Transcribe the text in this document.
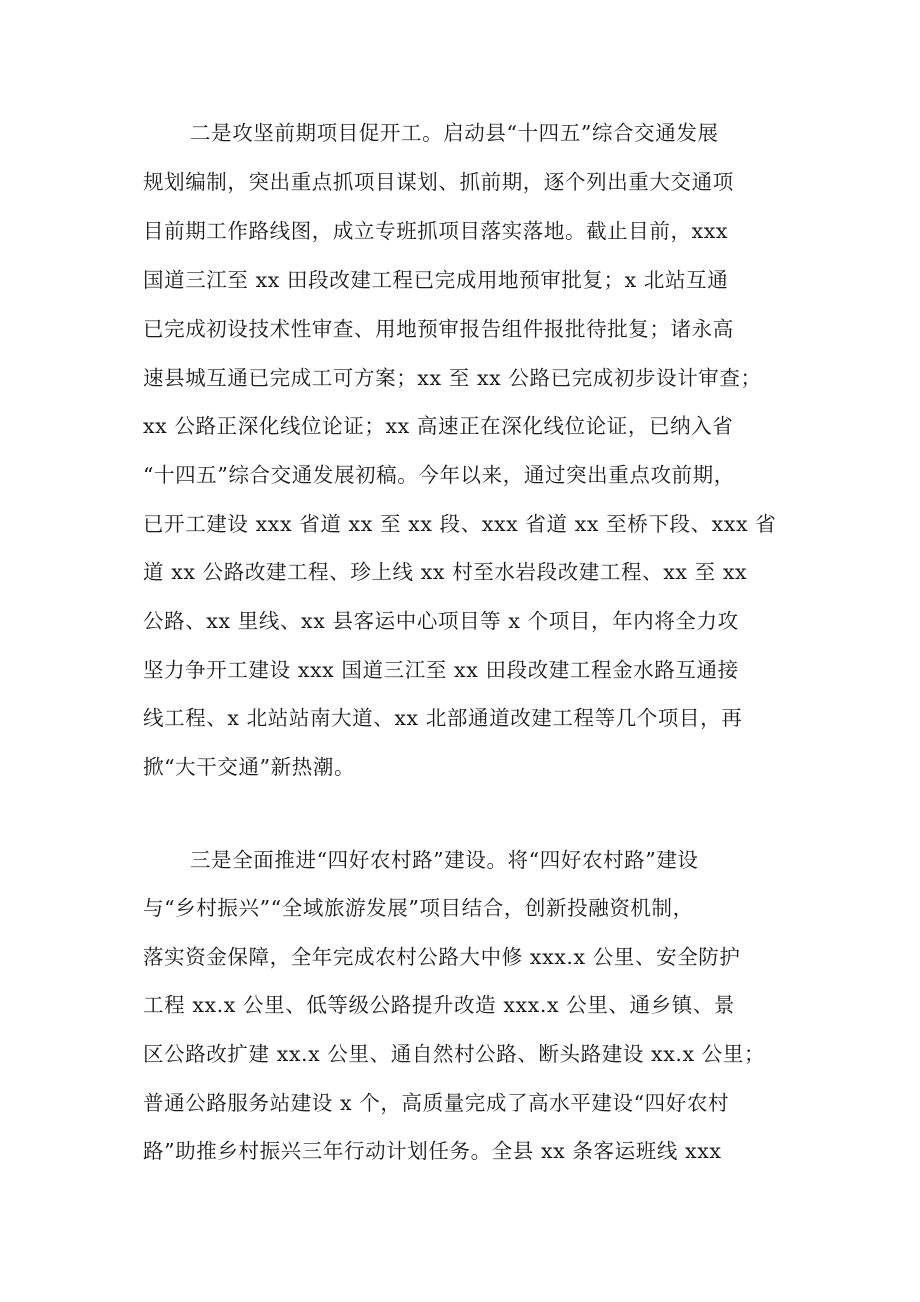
二是攻坚前期项目促开工。启动县“十四五”综合交通发展
规划编制，突出重点抓项目谋划、抓前期，逐个列出重大交通项
目前期工作路线图，成立专班抓项目落实落地。截止目前，xxx
国道三江至 xx 田段改建工程已完成用地预审批复；x 北站互通
已完成初设技术性审查、用地预审报告组件报批待批复；诸永高
速县城互通已完成工可方案；xx 至 xx 公路已完成初步设计审查；
xx 公路正深化线位论证；xx 高速正在深化线位论证，已纳入省
“十四五”综合交通发展初稿。今年以来，通过突出重点攻前期，
已开工建设 xxx 省道 xx 至 xx 段、xxx 省道 xx 至桥下段、xxx 省
道 xx 公路改建工程、珍上线 xx 村至水岩段改建工程、xx 至 xx
公路、xx 里线、xx 县客运中心项目等 x 个项目，年内将全力攻
坚力争开工建设 xxx 国道三江至 xx 田段改建工程金水路互通接
线工程、x 北站站南大道、xx 北部通道改建工程等几个项目，再
掀“大干交通”新热潮。
三是全面推进“四好农村路”建设。将“四好农村路”建设
与“乡村振兴”“全域旅游发展”项目结合，创新投融资机制，
落实资金保障，全年完成农村公路大中修 xxx.x 公里、安全防护
工程 xx.x 公里、低等级公路提升改造 xxx.x 公里、通乡镇、景
区公路改扩建 xx.x 公里、通自然村公路、断头路建设 xx.x 公里；
普通公路服务站建设 x 个，高质量完成了高水平建设“四好农村
路”助推乡村振兴三年行动计划任务。全县 xx 条客运班线 xxx
